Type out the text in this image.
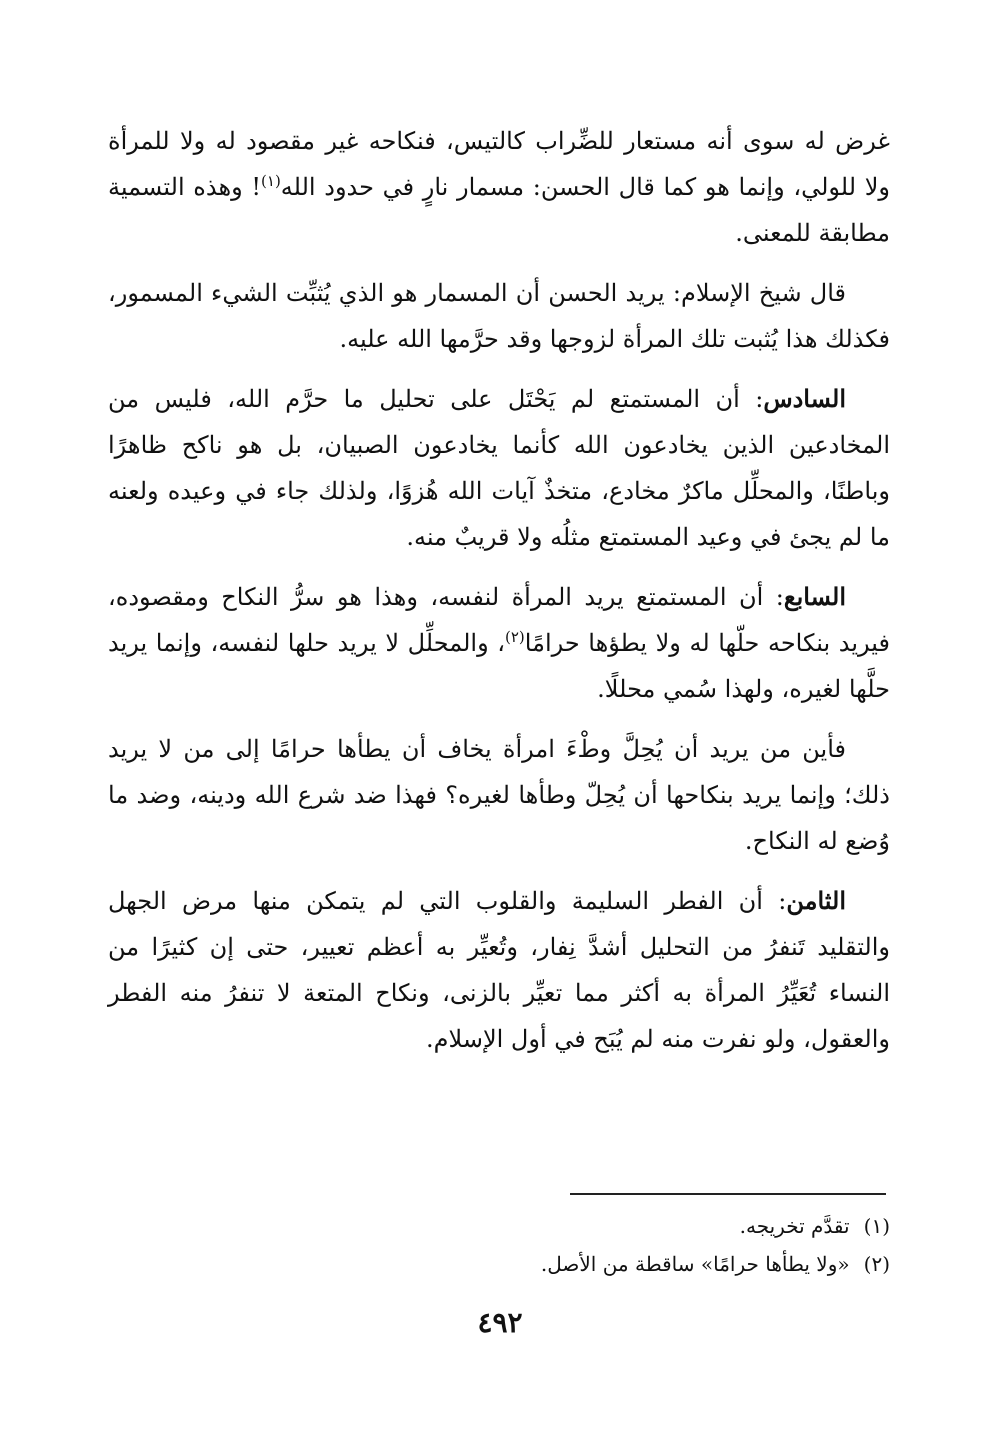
غرض له سوى أنه مستعار للضِّراب كالتيس، فنكاحه غير مقصود له ولا للمرأة ولا للولي، وإنما هو كما قال الحسن: مسمار نارٍ في حدود الله$^{(١)}$! وهذه التسمية مطابقة للمعنى.

قال شيخ الإسلام: يريد الحسن أن المسمار هو الذي يُثبِّت الشيء المسمور، فكذلك هذا يُثبت تلك المرأة لزوجها وقد حرَّمها الله عليه.

السادس: أن المستمتع لم يَحْتَل على تحليل ما حرَّم الله، فليس من المخادعين الذين يخادعون الله كأنما يخادعون الصبيان، بل هو ناكح ظاهرًا وباطنًا، والمحلِّل ماكرٌ مخادع، متخذٌ آيات الله هُزوًا، ولذلك جاء في وعيده ولعنه ما لم يجئ في وعيد المستمتع مثلُه ولا قريبٌ منه.

السابع: أن المستمتع يريد المرأة لنفسه، وهذا هو سرُّ النكاح ومقصوده، فيريد بنكاحه حلّها له ولا يطؤها حرامًا$^{(٢)}$، والمحلِّل لا يريد حلها لنفسه، وإنما يريد حلَّها لغيره، ولهذا سُمي محللًا.

فأين من يريد أن يُحِلَّ وطْءَ امرأة يخاف أن يطأها حرامًا إلى من لا يريد ذلك؛ وإنما يريد بنكاحها أن يُحِلّ وطأها لغيره؟ فهذا ضد شرع الله ودينه، وضد ما وُضع له النكاح.

الثامن: أن الفطر السليمة والقلوب التي لم يتمكن منها مرض الجهل والتقليد تَنفرُ من التحليل أشدَّ نِفار، وتُعيِّر به أعظم تعيير، حتى إن كثيرًا من النساء تُعَيِّرُ المرأة به أكثر مما تعيِّر بالزنى، ونكاح المتعة لا تنفرُ منه الفطر والعقول، ولو نفرت منه لم يُبَح في أول الإسلام.

(١)تقدَّم تخريجه.
(٢)«ولا يطأها حرامًا» ساقطة من الأصل.
٤٩٢
